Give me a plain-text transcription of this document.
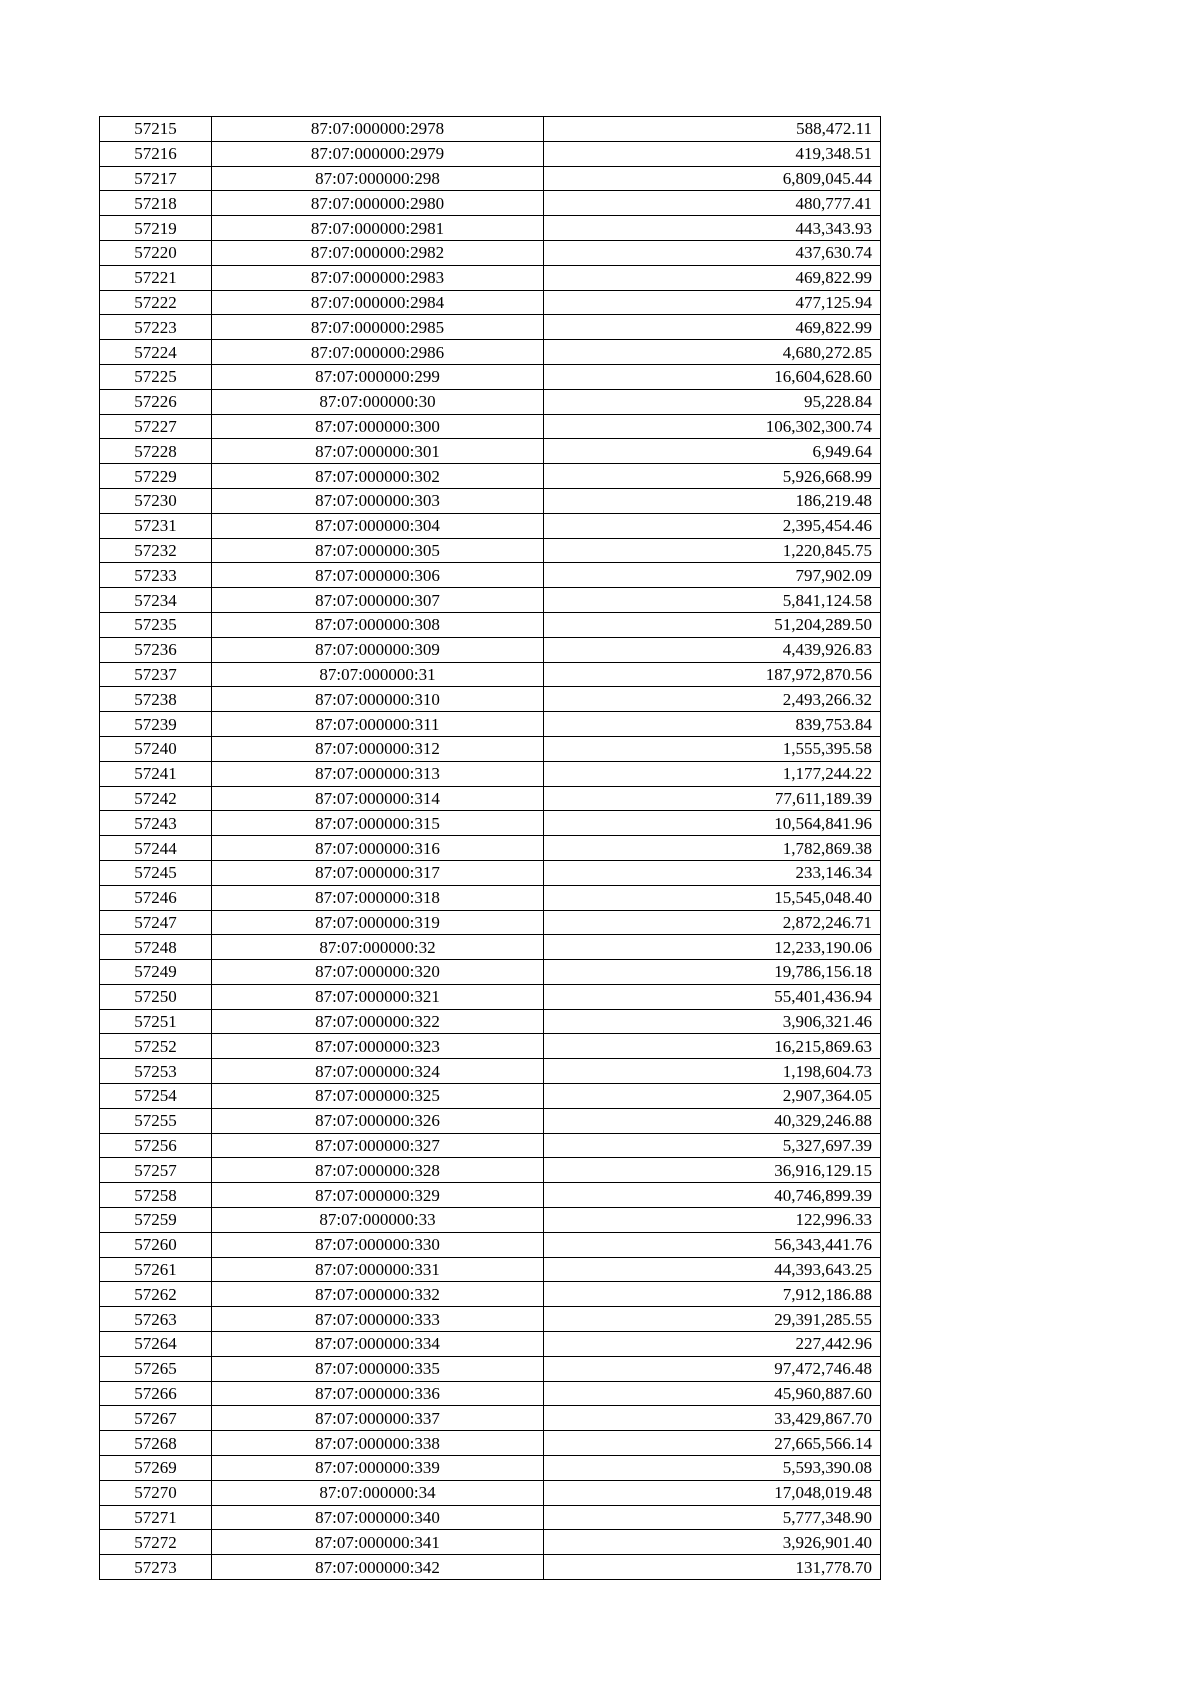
57215	87:07:000000:2978	588,472.11
57216	87:07:000000:2979	419,348.51
57217	87:07:000000:298	6,809,045.44
57218	87:07:000000:2980	480,777.41
57219	87:07:000000:2981	443,343.93
57220	87:07:000000:2982	437,630.74
57221	87:07:000000:2983	469,822.99
57222	87:07:000000:2984	477,125.94
57223	87:07:000000:2985	469,822.99
57224	87:07:000000:2986	4,680,272.85
57225	87:07:000000:299	16,604,628.60
57226	87:07:000000:30	95,228.84
57227	87:07:000000:300	106,302,300.74
57228	87:07:000000:301	6,949.64
57229	87:07:000000:302	5,926,668.99
57230	87:07:000000:303	186,219.48
57231	87:07:000000:304	2,395,454.46
57232	87:07:000000:305	1,220,845.75
57233	87:07:000000:306	797,902.09
57234	87:07:000000:307	5,841,124.58
57235	87:07:000000:308	51,204,289.50
57236	87:07:000000:309	4,439,926.83
57237	87:07:000000:31	187,972,870.56
57238	87:07:000000:310	2,493,266.32
57239	87:07:000000:311	839,753.84
57240	87:07:000000:312	1,555,395.58
57241	87:07:000000:313	1,177,244.22
57242	87:07:000000:314	77,611,189.39
57243	87:07:000000:315	10,564,841.96
57244	87:07:000000:316	1,782,869.38
57245	87:07:000000:317	233,146.34
57246	87:07:000000:318	15,545,048.40
57247	87:07:000000:319	2,872,246.71
57248	87:07:000000:32	12,233,190.06
57249	87:07:000000:320	19,786,156.18
57250	87:07:000000:321	55,401,436.94
57251	87:07:000000:322	3,906,321.46
57252	87:07:000000:323	16,215,869.63
57253	87:07:000000:324	1,198,604.73
57254	87:07:000000:325	2,907,364.05
57255	87:07:000000:326	40,329,246.88
57256	87:07:000000:327	5,327,697.39
57257	87:07:000000:328	36,916,129.15
57258	87:07:000000:329	40,746,899.39
57259	87:07:000000:33	122,996.33
57260	87:07:000000:330	56,343,441.76
57261	87:07:000000:331	44,393,643.25
57262	87:07:000000:332	7,912,186.88
57263	87:07:000000:333	29,391,285.55
57264	87:07:000000:334	227,442.96
57265	87:07:000000:335	97,472,746.48
57266	87:07:000000:336	45,960,887.60
57267	87:07:000000:337	33,429,867.70
57268	87:07:000000:338	27,665,566.14
57269	87:07:000000:339	5,593,390.08
57270	87:07:000000:34	17,048,019.48
57271	87:07:000000:340	5,777,348.90
57272	87:07:000000:341	3,926,901.40
57273	87:07:000000:342	131,778.70
